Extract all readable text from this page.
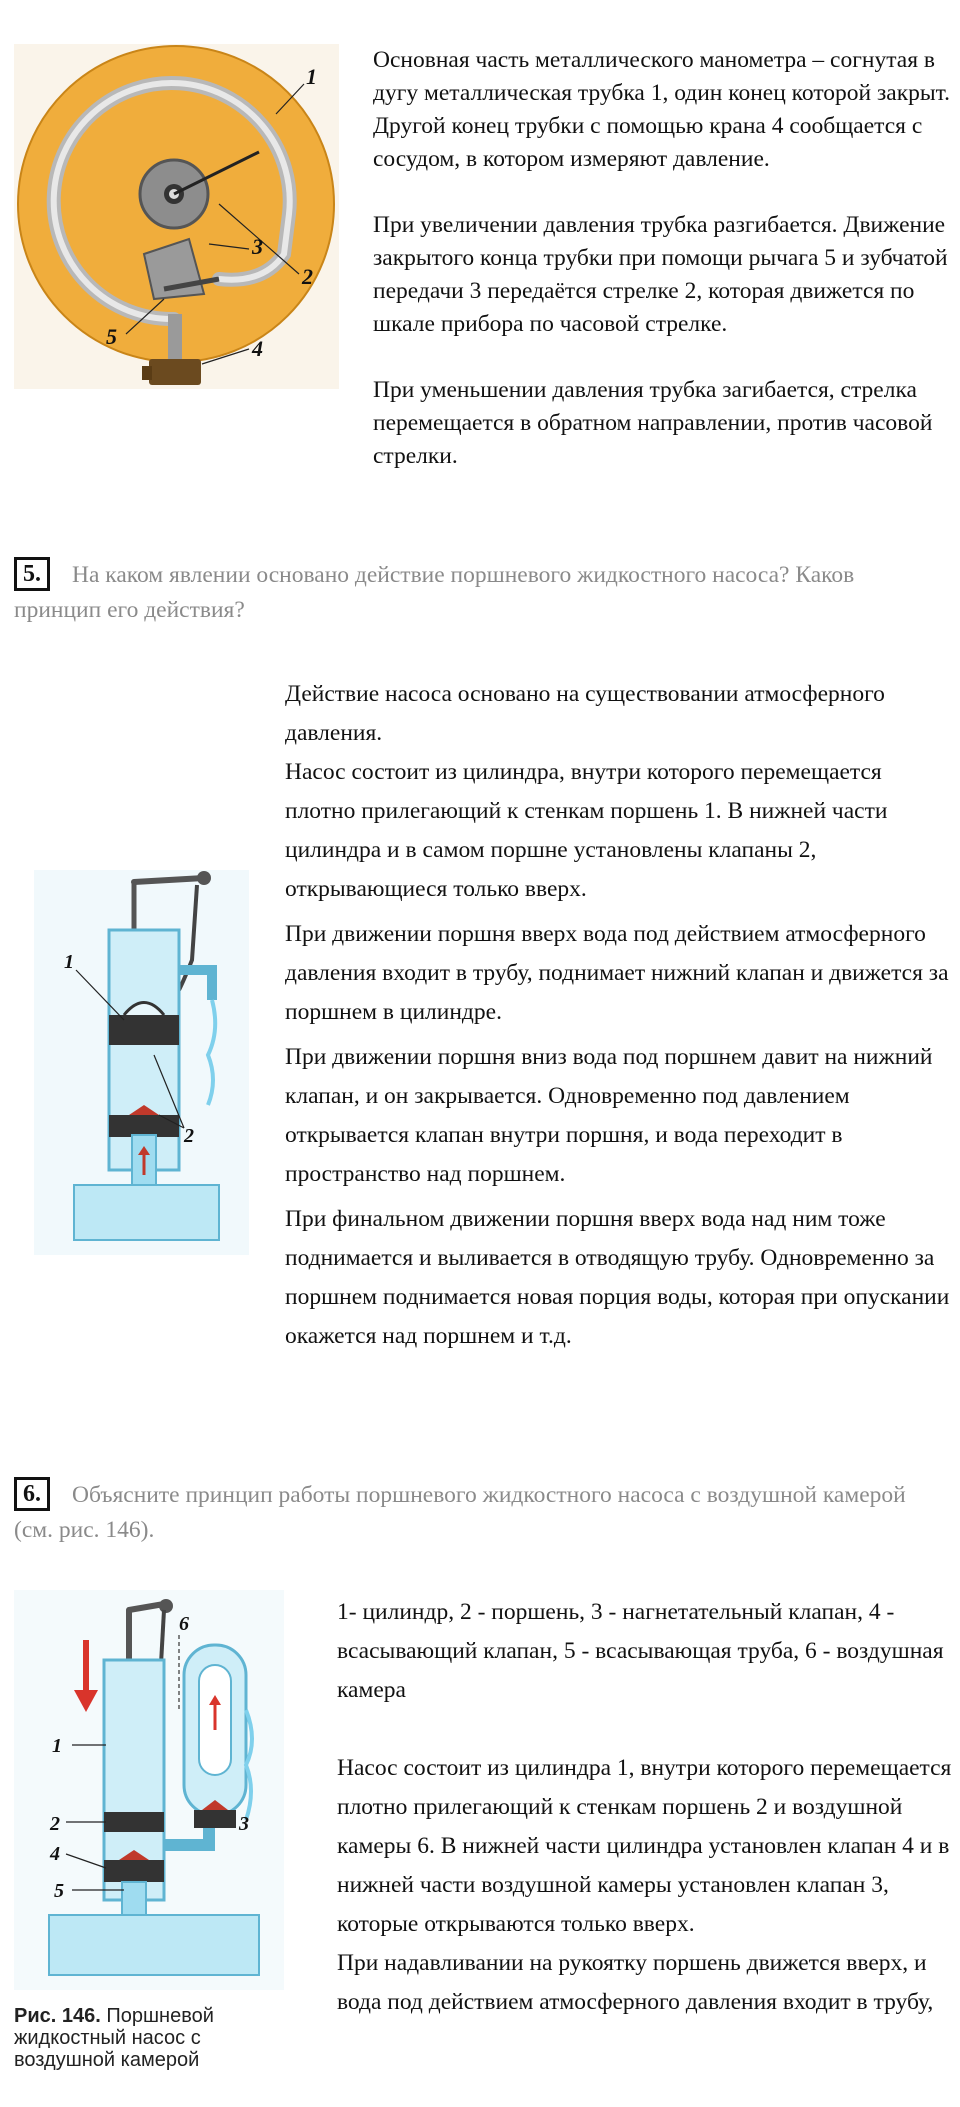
1
2
3
4
5

Основная часть металлического манометра – согнутая в дугу металлическая трубка 1, один конец которой закрыт. Другой конец трубки с помощью крана 4 сообщается с сосудом, в котором измеряют давление.

При увеличении давления трубка разгибается. Движение закрытого конца трубки при помощи рычага 5 и зубчатой передачи 3 передаётся стрелке 2, которая движется по шкале прибора по часовой стрелке.

При уменьшении давления трубка загибается, стрелка перемещается в обратном направлении, против часовой стрелки.

5. На каком явлении основано действие поршневого жидкостного насоса? Каков принцип его действия?
1
2

Действие насоса основано на существовании атмосферного давления.

Насос состоит из цилиндра, внутри которого перемещается плотно прилегающий к стенкам поршень 1. В нижней части цилиндра и в самом поршне установлены клапаны 2, открывающиеся только вверх.

При движении поршня вверх вода под действием атмосферного давления входит в трубу, поднимает нижний клапан и движется за поршнем в цилиндре.

При движении поршня вниз вода под поршнем давит на нижний клапан, и он закрывается. Одновременно под давлением открывается клапан внутри поршня, и вода переходит в пространство над поршнем.

При финальном движении поршня вверх вода над ним тоже поднимается и выливается в отводящую трубу. Одновременно за поршнем поднимается новая порция воды, которая при опускании окажется над поршнем и т.д.

6. Объясните принцип работы поршневого жидкостного насоса с воздушной камерой (см. рис. 146).
1
2	3
4
5
6
Рис. 146. Поршневой жидкостный насос с воздушной камерой

1- цилиндр, 2 - поршень, 3 - нагнетательный клапан, 4 - всасывающий клапан, 5 - всасывающая труба, 6 - воздушная камера

Насос состоит из цилиндра 1, внутри которого перемещается плотно прилегающий к стенкам поршень 2 и воздушной камеры 6. В нижней части цилиндра установлен клапан 4 и в нижней части воздушной камеры установлен клапан 3, которые открываются только вверх.

При надавливании на рукоятку поршень движется вверх, и вода под действием атмосферного давления входит в трубу,
